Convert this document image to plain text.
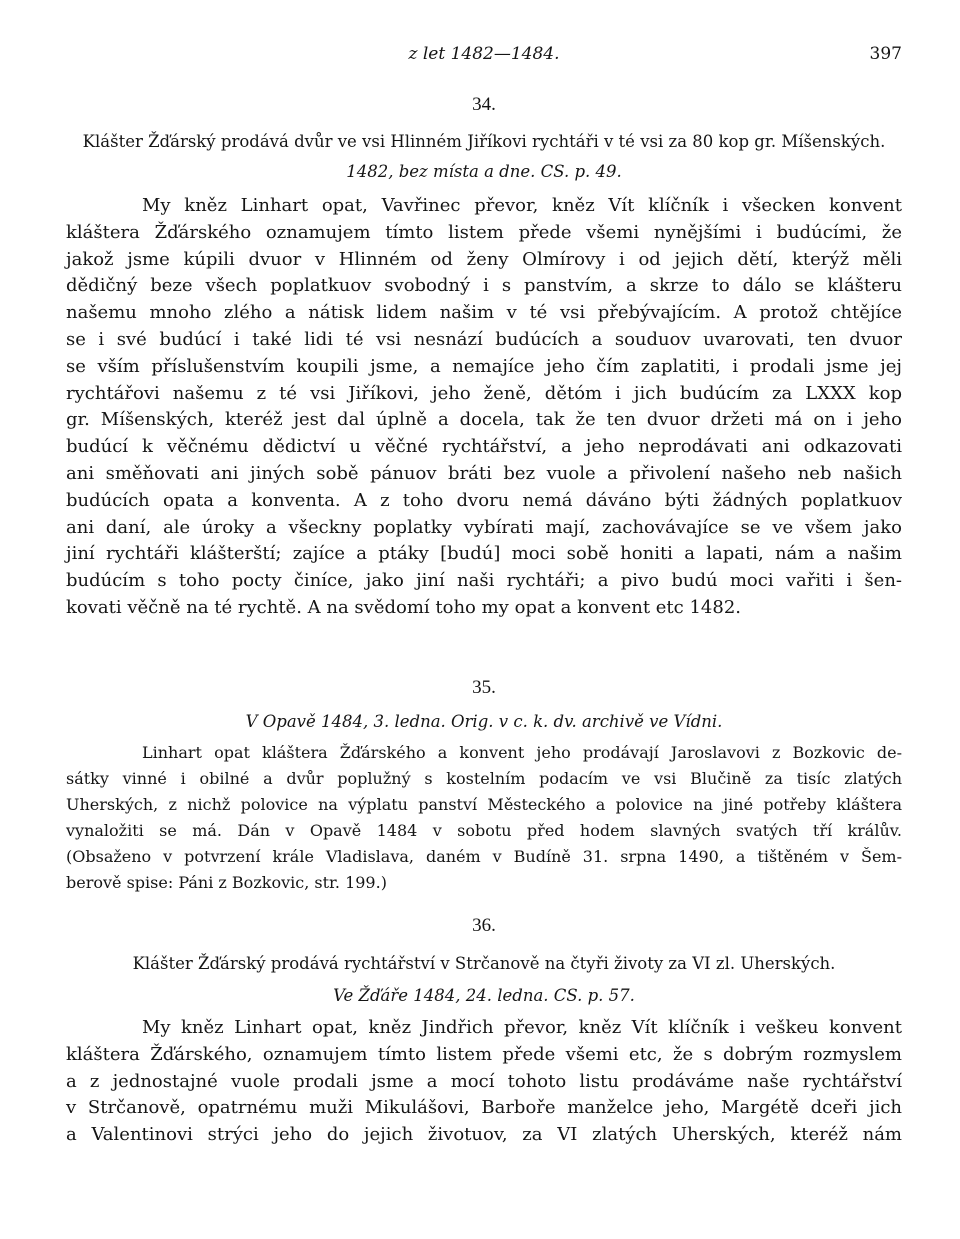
z let 1482—1484.	397
34.
Klášter Žďárský prodává dvůr ve vsi Hlinném Jiříkovi rychtáři v té vsi za 80 kop gr. Míšenských.
1482, bez místa a dne. CS. p. 49.
My kněz Linhart opat, Vavřinec převor, kněz Vít klíčník i všecken konvent
kláštera Žďárského oznamujem tímto listem přede všemi nynějšími i budúcími, že
jakož jsme kúpili dvuor v Hlinném od ženy Olmírovy i od jejich dětí, kterýž měli
dědičný beze všech poplatkuov svobodný i s panstvím, a skrze to dálo se klášteru
našemu mnoho zlého a nátisk lidem našim v té vsi přebývajícím. A protož chtějíce
se i své budúcí i také lidi té vsi nesnází budúcích a souduov uvarovati, ten dvuor
se vším příslušenstvím koupili jsme, a nemajíce jeho čím zaplatiti, i prodali jsme jej
rychtářovi našemu z té vsi Jiříkovi, jeho ženě, dětóm i jich budúcím za LXXX kop
gr. Míšenských, kteréž jest dal úplně a docela, tak že ten dvuor držeti má on i jeho
budúcí k věčnému dědictví u věčné rychtářství, a jeho neprodávati ani odkazovati
ani směňovati ani jiných sobě pánuov bráti bez vuole a přivolení našeho neb našich
budúcích opata a konventa. A z toho dvoru nemá dáváno býti žádných poplatkuov
ani daní, ale úroky a všeckny poplatky vybírati mají, zachovávajíce se ve všem jako
jiní rychtáři klášterští; zajíce a ptáky [budú] moci sobě honiti a lapati, nám a našim
budúcím s toho pocty činíce, jako jiní naši rychtáři; a pivo budú moci vařiti i šen-
kovati věčně na té rychtě. A na svědomí toho my opat a konvent etc 1482.
35.
V Opavě 1484, 3. ledna. Orig. v c. k. dv. archivě ve Vídni.
Linhart opat kláštera Žďárského a konvent jeho prodávají Jaroslavovi z Bozkovic de-
sátky vinné i obilné a dvůr poplužný s kostelním podacím ve vsi Blučině za tisíc zlatých
Uherských, z nichž polovice na výplatu panství Městeckého a polovice na jiné potřeby kláštera
vynaložiti se má. Dán v Opavě 1484 v sobotu před hodem slavných svatých tří králův.
(Obsaženo v potvrzení krále Vladislava, daném v Budíně 31. srpna 1490, a tištěném v Šem-
berově spise: Páni z Bozkovic, str. 199.)
36.
Klášter Žďárský prodává rychtářství v Strčanově na čtyři životy za VI zl. Uherských.
Ve Žďáře 1484, 24. ledna. CS. p. 57.
My kněz Linhart opat, kněz Jindřich převor, kněz Vít klíčník i veškeu konvent
kláštera Žďárského, oznamujem tímto listem přede všemi etc, že s dobrým rozmyslem
a z jednostajné vuole prodali jsme a mocí tohoto listu prodáváme naše rychtářství
v Strčanově, opatrnému muži Mikulášovi, Barboře manželce jeho, Margétě dceři jich
a Valentinovi strýci jeho do jejich životuov, za VI zlatých Uherských, kteréž nám
